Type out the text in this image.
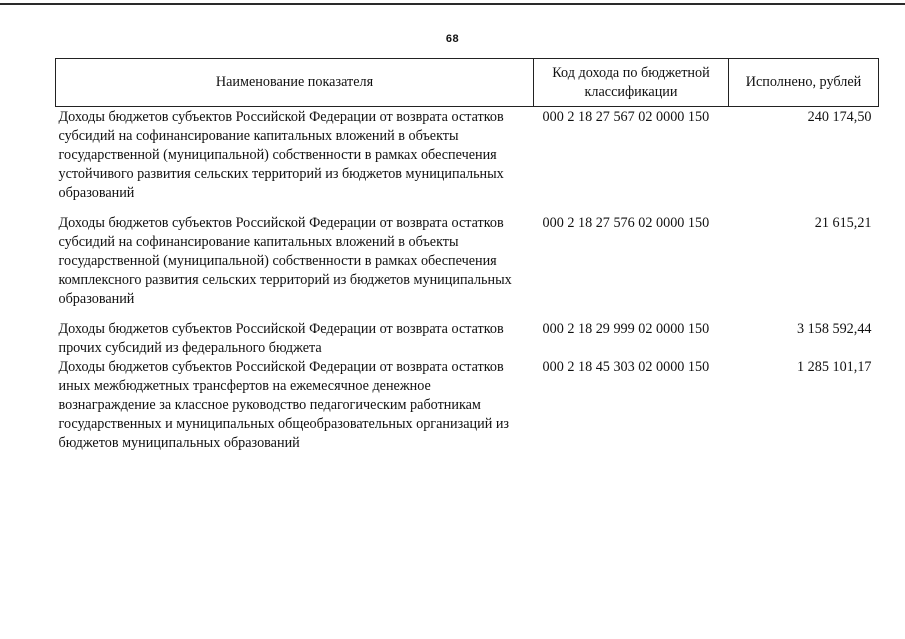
68
Наименование показателя	Код дохода по бюджетной классификации	Исполнено, рублей
Доходы бюджетов субъектов Российской Федерации от возврата остатков субсидий на софинансирование капитальных вложений в объекты государственной (муниципальной) собственности в рамках обеспечения устойчивого развития сельских территорий из бюджетов муниципальных образований	000 2 18 27 567 02 0000 150	240 174,50
Доходы бюджетов субъектов Российской Федерации от возврата остатков субсидий на софинансирование капитальных вложений в объекты государственной (муниципальной) собственности в рамках обеспечения комплексного развития сельских территорий из бюджетов муниципальных образований	000 2 18 27 576 02 0000 150	21 615,21
Доходы бюджетов субъектов Российской Федерации от возврата остатков прочих субсидий из федерального бюджета	000 2 18 29 999 02 0000 150	3 158 592,44
Доходы бюджетов субъектов Российской Федерации от возврата остатков иных межбюджетных трансфертов на ежемесячное денежное вознаграждение за классное руководство педагогическим работникам государственных и муниципальных общеобразовательных организаций из бюджетов муниципальных образований	000 2 18 45 303 02 0000 150	1 285 101,17
